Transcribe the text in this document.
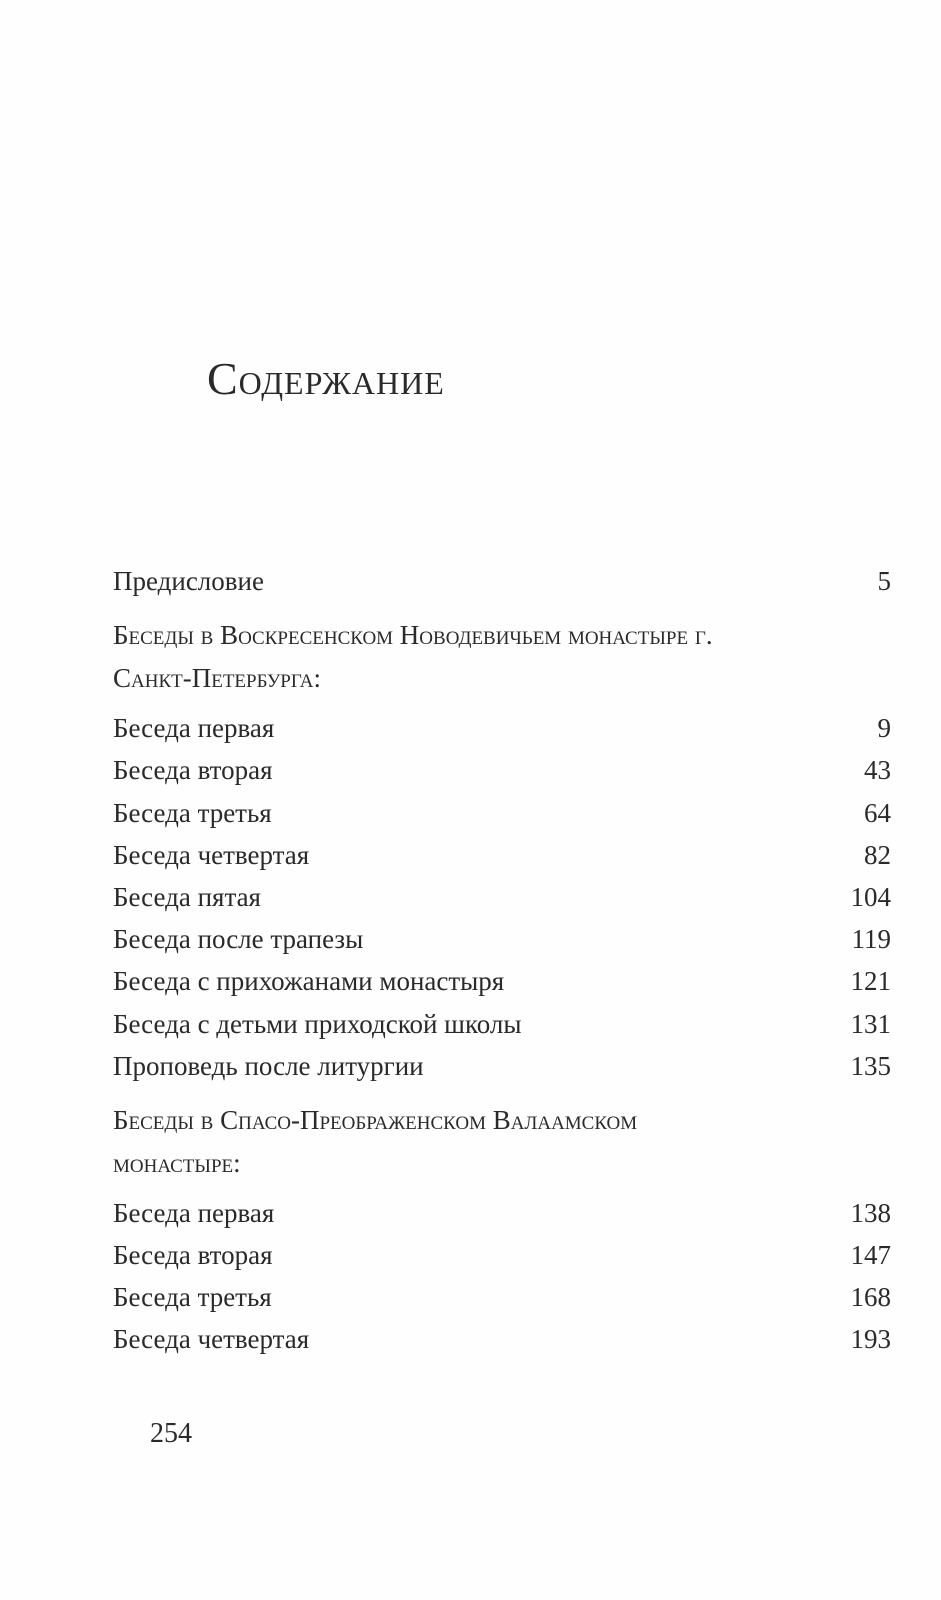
Содержание
Предисловие	5
Беседы в Воскресенском Новодевичьем монастыре г. Санкт-Петербурга:
Беседа первая	9
Беседа вторая	43
Беседа третья	64
Беседа четвертая	82
Беседа пятая	104
Беседа после трапезы	119
Беседа с прихожанами монастыря	121
Беседа с детьми приходской школы	131
Проповедь после литургии	135
Беседы в Спасо-Преображенском Валаамском монастыре:
Беседа первая	138
Беседа вторая	147
Беседа третья	168
Беседа четвертая	193
254
